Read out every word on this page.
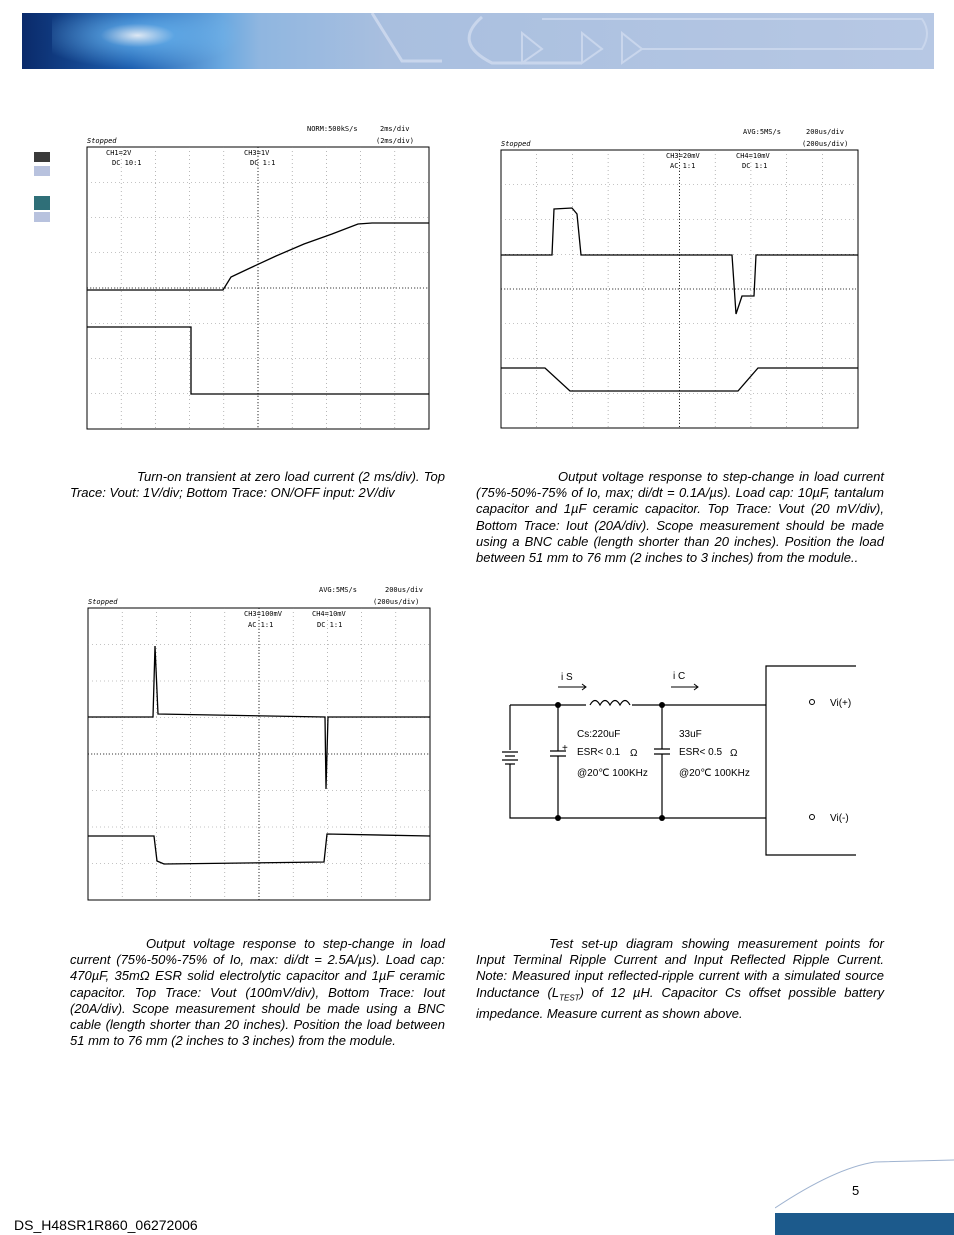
Stopped
NORM:500kS/s	2ms/div
(2ms/div)
CH1=2V
DC 10:1
CH3=1V
DC 1:1
Turn-on transient at zero load current (2 ms/div). Top Trace: Vout: 1V/div; Bottom Trace: ON/OFF input: 2V/div
Stopped
AVG:5MS/s	200us/div
(200us/div)
CH3=20mV
AC 1:1
CH4=10mV
DC 1:1
Output voltage response to step-change in load current (75%-50%-75% of Io, max; di/dt = 0.1A/µs). Load cap: 10µF, tantalum capacitor and 1µF ceramic capacitor. Top Trace: Vout (20 mV/div), Bottom Trace: Iout (20A/div). Scope measurement should be made using a BNC cable (length shorter than 20 inches). Position the load between 51 mm to 76 mm (2 inches to 3 inches) from the module..
Stopped
AVG:5MS/s	200us/div
(200us/div)
CH3=100mV
AC 1:1
CH4=10mV
DC 1:1
Output voltage response to step-change in load current (75%-50%-75% of Io, max: di/dt = 2.5A/µs). Load cap: 470µF, 35mΩ ESR solid electrolytic capacitor and 1µF ceramic capacitor. Top Trace: Vout (100mV/div), Bottom Trace: Iout (20A/div). Scope measurement should be made using a BNC cable (length shorter than 20 inches). Position the load between 51 mm to 76 mm (2 inches to 3 inches) from the module.
+
i S	i C
Cs:220uF
ESR< 0.1 Ω
@20℃ 100KHz
33uF
ESR< 0.5 Ω
@20℃ 100KHz
Vi(+)
Vi(-)
Test set-up diagram showing measurement points for Input Terminal Ripple Current and Input Reflected Ripple Current. Note: Measured input reflected-ripple current with a simulated source Inductance $(L_{TEST})$ of 12 µH. Capacitor Cs offset possible battery impedance. Measure current as shown above.
5
DS_H48SR1R860_06272006
